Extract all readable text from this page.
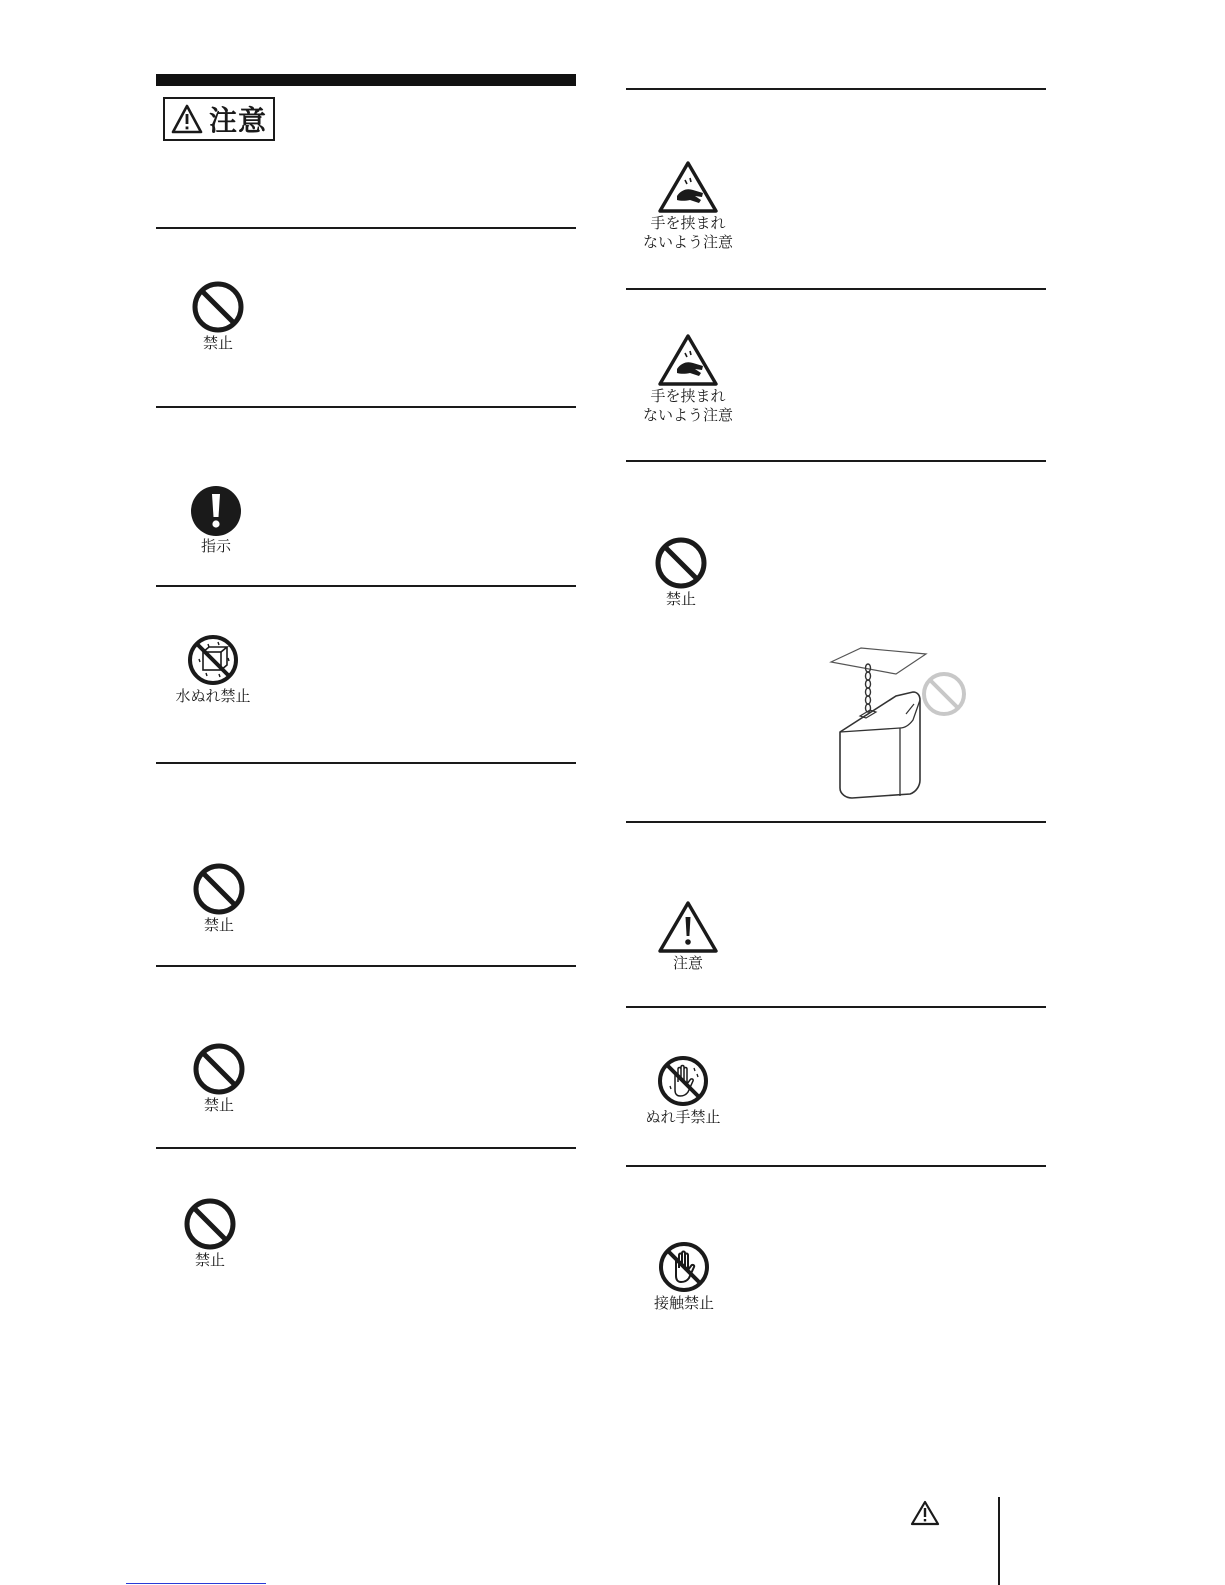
注意
禁止
指示
水ぬれ禁止
禁止
禁止
禁止
手を挟まれ
ないよう注意
手を挟まれ
ないよう注意
禁止
注意
ぬれ手禁止
接触禁止
